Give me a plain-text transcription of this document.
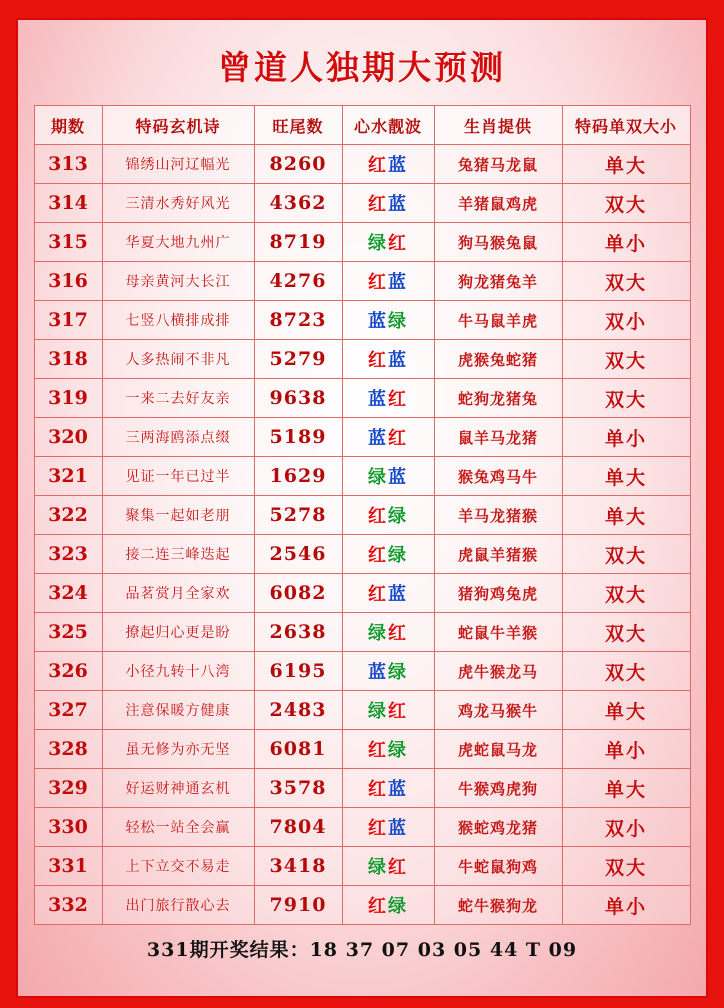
曾道人独期大预测
期数	特码玄机诗	旺尾数	心水靓波	生肖提供	特码单双大小
313	锦绣山河辽幅光	8260	红蓝	兔猪马龙鼠	单大
314	三清水秀好风光	4362	红蓝	羊猪鼠鸡虎	双大
315	华夏大地九州广	8719	绿红	狗马猴兔鼠	单小
316	母亲黄河大长江	4276	红蓝	狗龙猪兔羊	双大
317	七竖八横排成排	8723	蓝绿	牛马鼠羊虎	双小
318	人多热闹不非凡	5279	红蓝	虎猴兔蛇猪	双大
319	一来二去好友亲	9638	蓝红	蛇狗龙猪兔	双大
320	三两海鸥添点缀	5189	蓝红	鼠羊马龙猪	单小
321	见证一年已过半	1629	绿蓝	猴兔鸡马牛	单大
322	聚集一起如老朋	5278	红绿	羊马龙猪猴	单大
323	接二连三峰迭起	2546	红绿	虎鼠羊猪猴	双大
324	品茗赏月全家欢	6082	红蓝	猪狗鸡兔虎	双大
325	撩起归心更是盼	2638	绿红	蛇鼠牛羊猴	双大
326	小径九转十八湾	6195	蓝绿	虎牛猴龙马	双大
327	注意保暖方健康	2483	绿红	鸡龙马猴牛	单大
328	虽无修为亦无坚	6081	红绿	虎蛇鼠马龙	单小
329	好运财神通玄机	3578	红蓝	牛猴鸡虎狗	单大
330	轻松一站全会赢	7804	红蓝	猴蛇鸡龙猪	双小
331	上下立交不易走	3418	绿红	牛蛇鼠狗鸡	双大
332	出门旅行散心去	7910	红绿	蛇牛猴狗龙	单小
331期开奖结果：18 37 07 03 05 44 T 09
